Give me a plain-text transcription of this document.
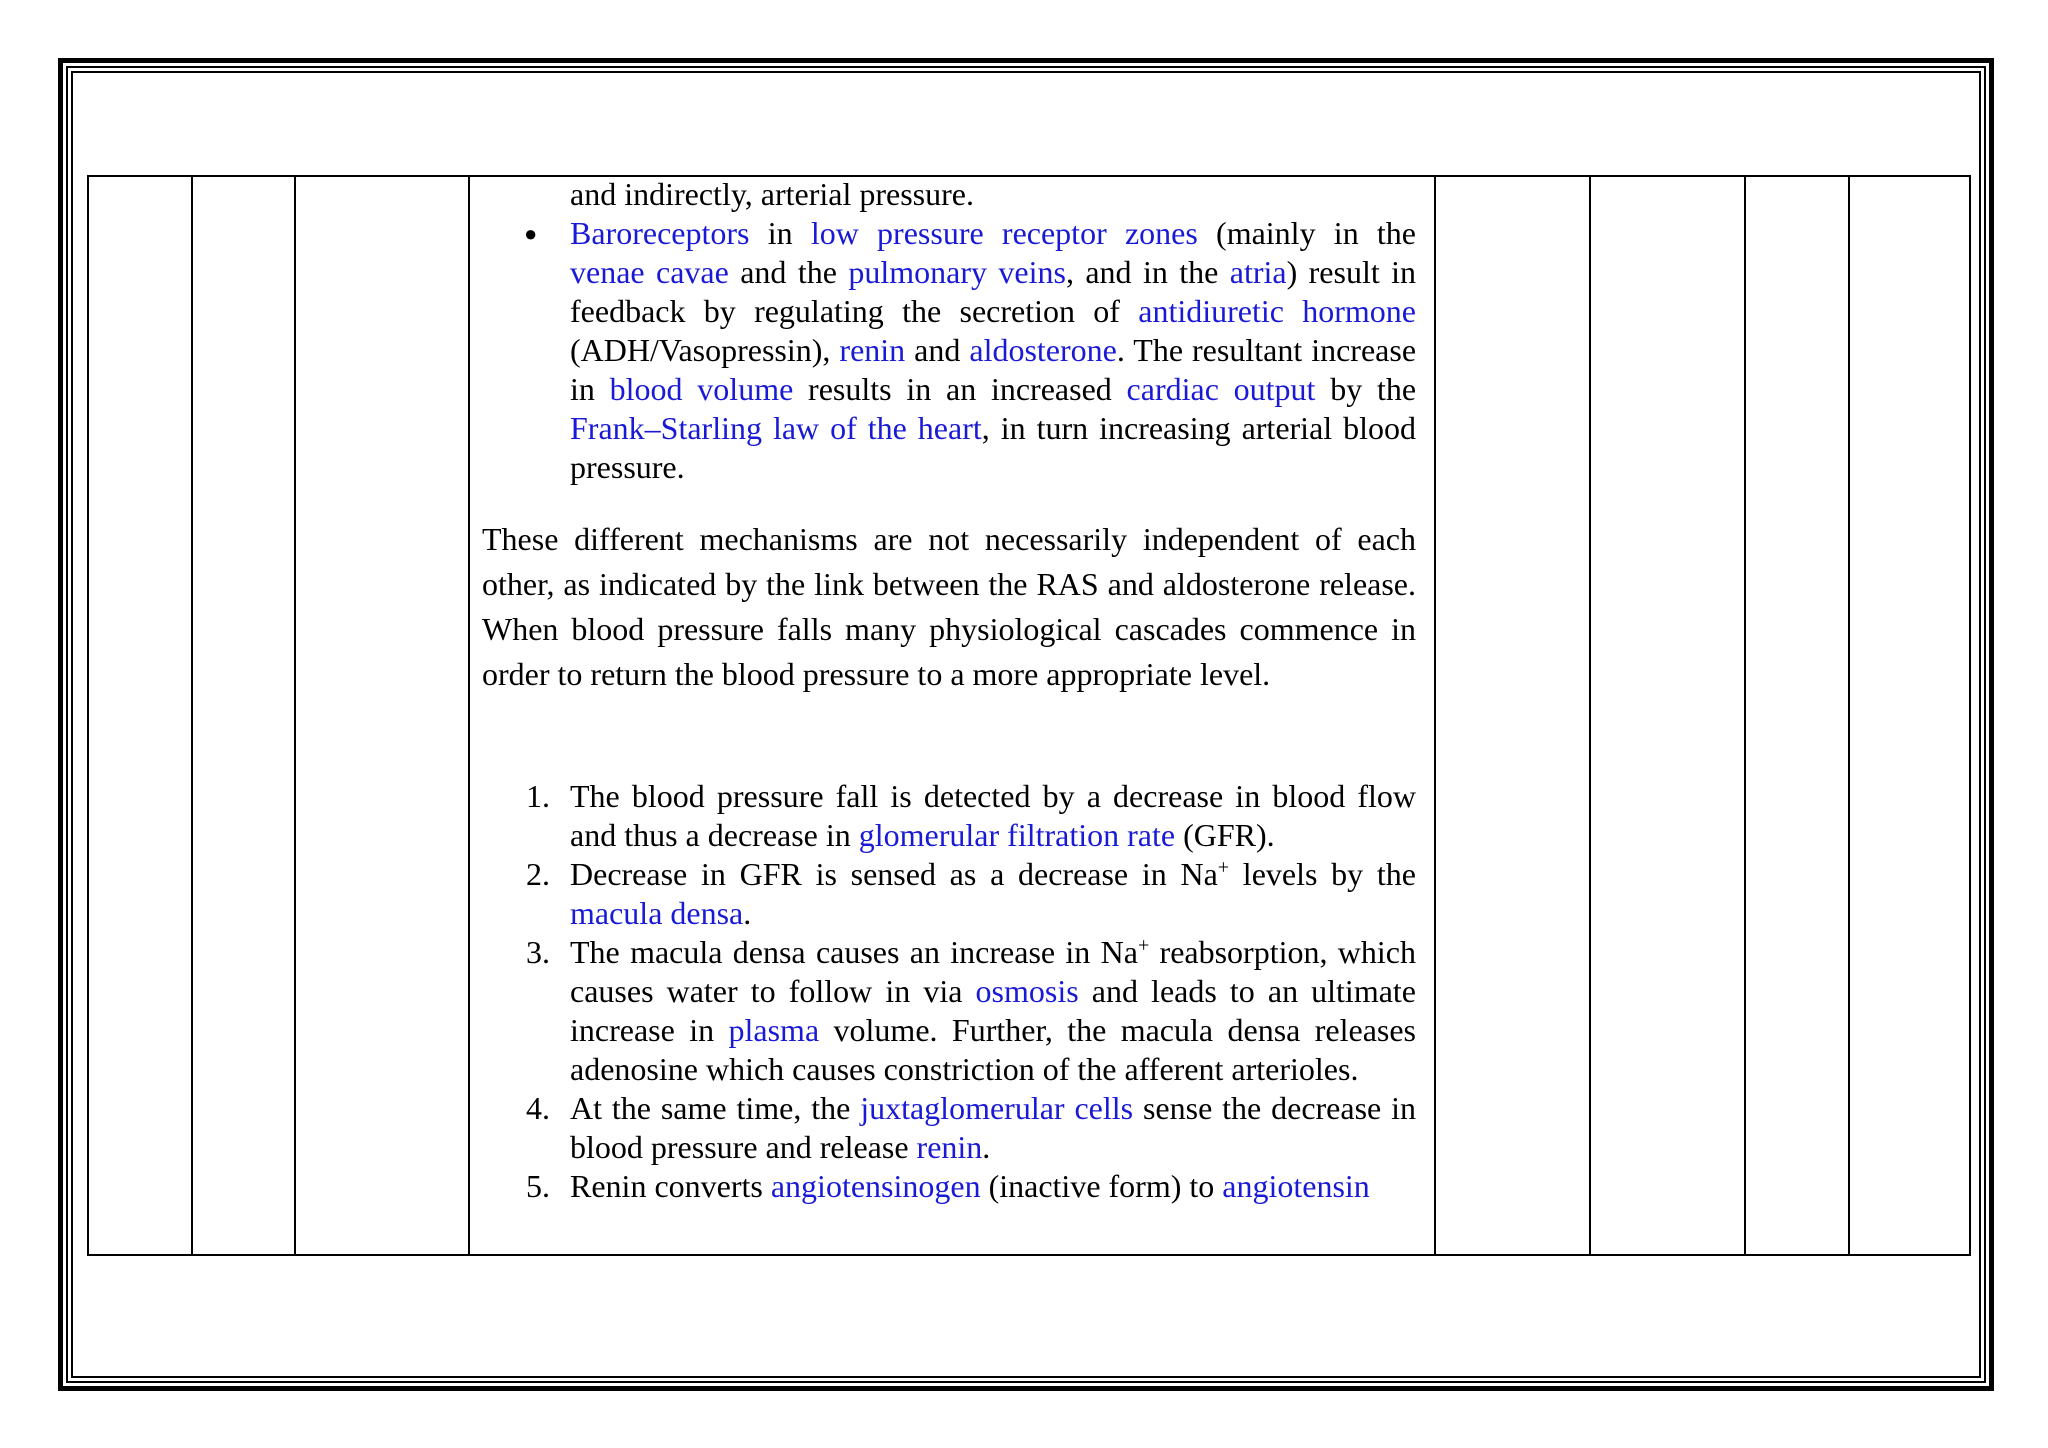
and indirectly, arterial pressure.
● Baroreceptors in low pressure receptor zones (mainly in the venae cavae and the pulmonary veins, and in the atria) result in feedback by regulating the secretion of antidiuretic hormone (ADH/Vasopressin), renin and aldosterone. The resultant increase in blood volume results in an increased cardiac output by the Frank–Starling law of the heart, in turn increasing arterial blood pressure.
These different mechanisms are not necessarily independent of each other, as indicated by the link between the RAS and aldosterone release. When blood pressure falls many physiological cascades commence in order to return the blood pressure to a more appropriate level.
1. The blood pressure fall is detected by a decrease in blood flow and thus a decrease in glomerular filtration rate (GFR).
2. Decrease in GFR is sensed as a decrease in Na+ levels by the macula densa.
3. The macula densa causes an increase in Na+ reabsorption, which causes water to follow in via osmosis and leads to an ultimate increase in plasma volume. Further, the macula densa releases adenosine which causes constriction of the afferent arterioles.
4. At the same time, the juxtaglomerular cells sense the decrease in blood pressure and release renin.
5. Renin converts angiotensinogen (inactive form) to angiotensin
